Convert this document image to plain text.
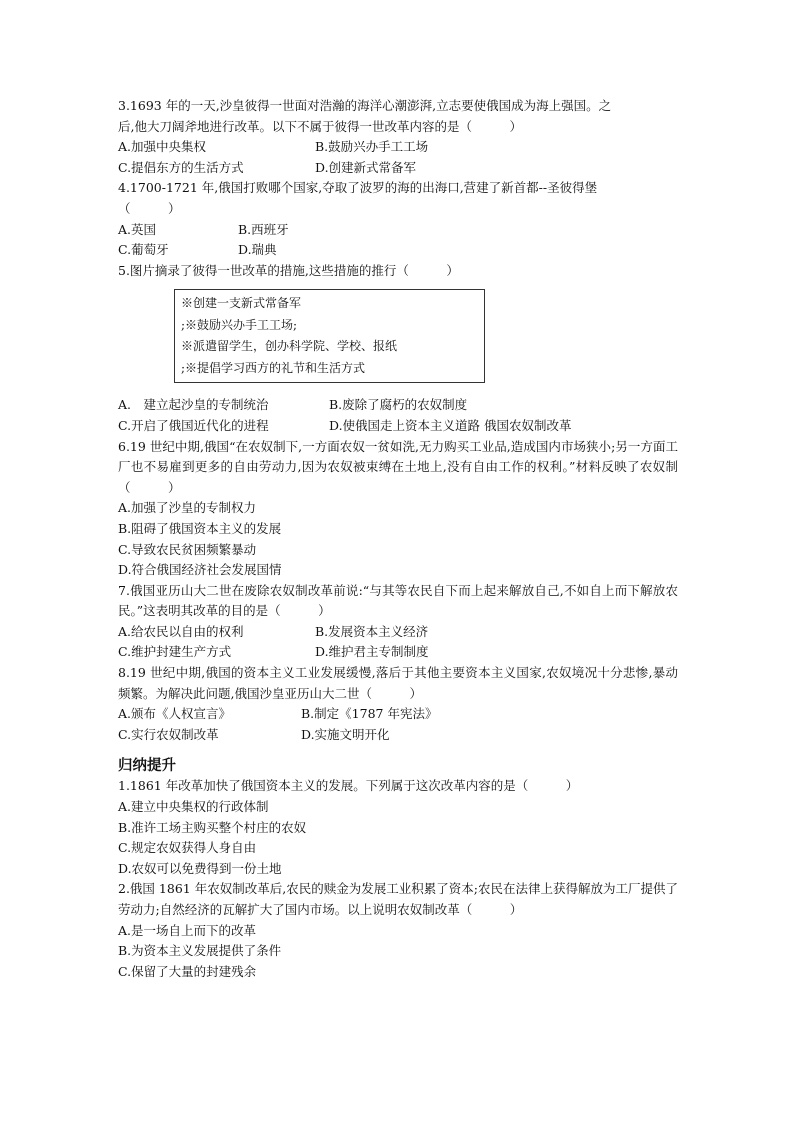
3.1693 年的一天,沙皇彼得一世面对浩瀚的海洋心潮澎湃,立志要使俄国成为海上强国。之
后,他大刀阔斧地进行改革。以下不属于彼得一世改革内容的是（　　　）
A.加强中央集权	B.鼓励兴办手工工场
C.提倡东方的生活方式	D.创建新式常备军
4.1700-1721 年,俄国打败哪个国家,夺取了波罗的海的出海口,营建了新首都--圣彼得堡
（　　　）
A.英国	B.西班牙
C.葡萄牙	D.瑞典
5.图片摘录了彼得一世改革的措施,这些措施的推行（　　　）
※创建一支新式常备军
;※鼓励兴办手工工场;
※派遣留学生，创办科学院、学校、报纸
;※提倡学习西方的礼节和生活方式
A.　建立起沙皇的专制统治	B.废除了腐朽的农奴制度
C.开启了俄国近代化的进程	D.使俄国走上资本主义道路 俄国农奴制改革
6.19 世纪中期,俄国“在农奴制下,一方面农奴一贫如洗,无力购买工业品,造成国内市场狭小;另一方面工厂也不易雇到更多的自由劳动力,因为农奴被束缚在土地上,没有自由工作的权利。”材料反映了农奴制（　　　）
A.加强了沙皇的专制权力
B.阻碍了俄国资本主义的发展
C.导致农民贫困频繁暴动
D.符合俄国经济社会发展国情
7.俄国亚历山大二世在废除农奴制改革前说:“与其等农民自下而上起来解放自己,不如自上而下解放农民。”这表明其改革的目的是（　　　）
A.给农民以自由的权利	B.发展资本主义经济
C.维护封建生产方式	D.维护君主专制制度
8.19 世纪中期,俄国的资本主义工业发展缓慢,落后于其他主要资本主义国家,农奴境况十分悲惨,暴动频繁。为解决此问题,俄国沙皇亚历山大二世（　　　）
A.颁布《人权宣言》	B.制定《1787 年宪法》
C.实行农奴制改革	D.实施文明开化
归纳提升
1.1861 年改革加快了俄国资本主义的发展。下列属于这次改革内容的是（　　　）
A.建立中央集权的行政体制
B.准许工场主购买整个村庄的农奴
C.规定农奴获得人身自由
D.农奴可以免费得到一份土地
2.俄国 1861 年农奴制改革后,农民的赎金为发展工业积累了资本;农民在法律上获得解放为工厂提供了劳动力;自然经济的瓦解扩大了国内市场。以上说明农奴制改革（　　　）
A.是一场自上而下的改革
B.为资本主义发展提供了条件
C.保留了大量的封建残余
